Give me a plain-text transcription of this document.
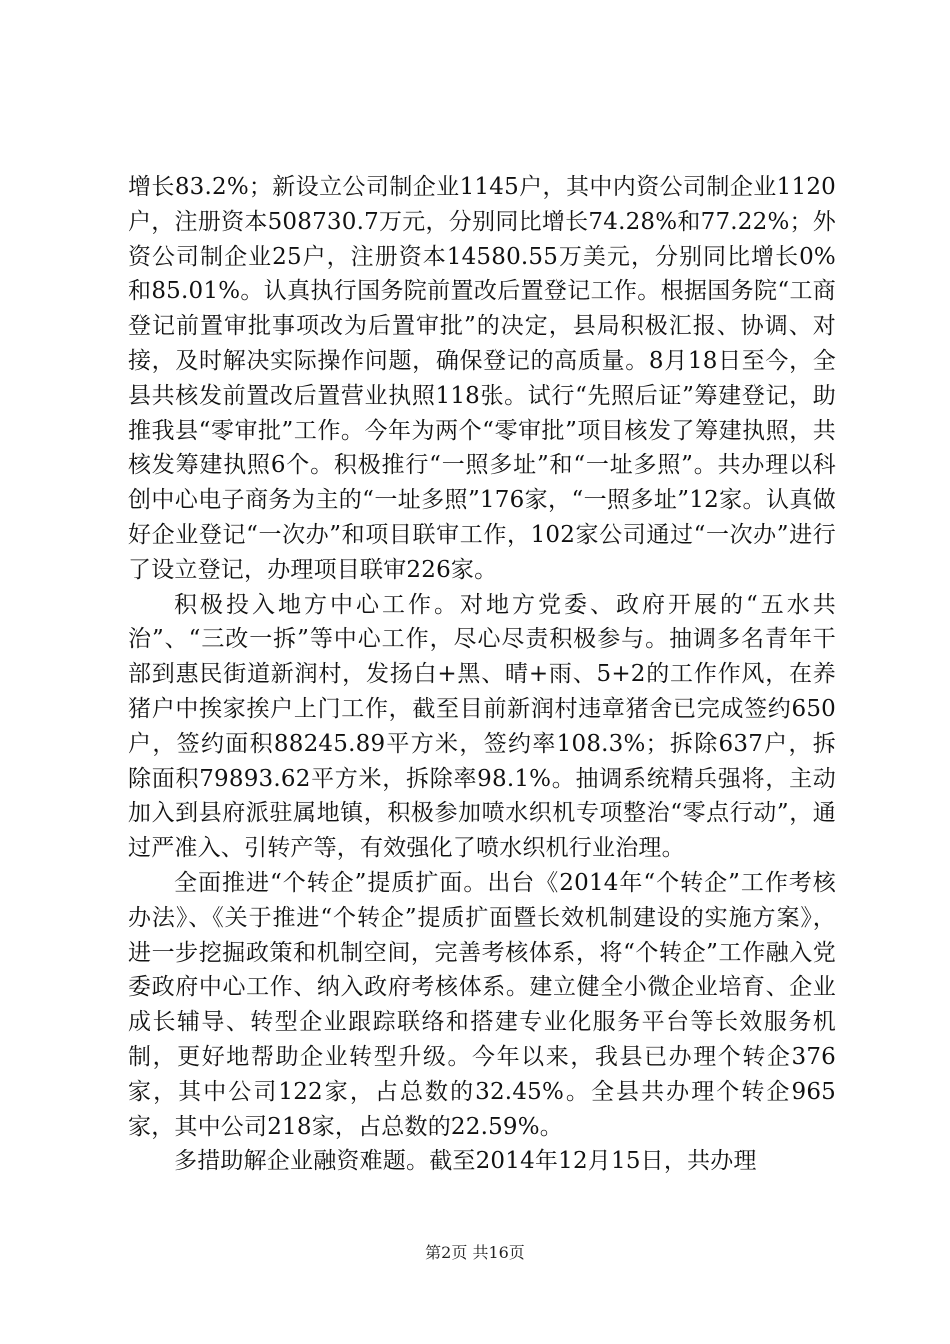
增长83.2%；新设立公司制企业1145户，其中内资公司制企业1120户，注册资本508730.7万元，分别同比增长74.28%和77.22%；外资公司制企业25户，注册资本14580.55万美元，分别同比增长0%和85.01%。认真执行国务院前置改后置登记工作。根据国务院“工商登记前置审批事项改为后置审批”的决定，县局积极汇报、协调、对接，及时解决实际操作问题，确保登记的高质量。8月18日至今，全县共核发前置改后置营业执照118张。试行“先照后证”筹建登记，助推我县“零审批”工作。今年为两个“零审批”项目核发了筹建执照，共核发筹建执照6个。积极推行“一照多址”和“一址多照”。共办理以科创中心电子商务为主的“一址多照”176家，“一照多址”12家。认真做好企业登记“一次办”和项目联审工作，102家公司通过“一次办”进行了设立登记，办理项目联审226家。

积极投入地方中心工作。对地方党委、政府开展的“五水共治”、“三改一拆”等中心工作，尽心尽责积极参与。抽调多名青年干部到惠民街道新润村，发扬白+黑、晴+雨、5+2的工作作风，在养猪户中挨家挨户上门工作，截至目前新润村违章猪舍已完成签约650户，签约面积88245.89平方米，签约率108.3%；拆除637户，拆除面积79893.62平方米，拆除率98.1%。抽调系统精兵强将，主动加入到县府派驻属地镇，积极参加喷水织机专项整治“零点行动”，通过严准入、引转产等，有效强化了喷水织机行业治理。

全面推进“个转企”提质扩面。出台《2014年“个转企”工作考核办法》、《关于推进“个转企”提质扩面暨长效机制建设的实施方案》，进一步挖掘政策和机制空间，完善考核体系，将“个转企”工作融入党委政府中心工作、纳入政府考核体系。建立健全小微企业培育、企业成长辅导、转型企业跟踪联络和搭建专业化服务平台等长效服务机制，更好地帮助企业转型升级。今年以来，我县已办理个转企376家，其中公司122家，占总数的32.45%。全县共办理个转企965家，其中公司218家，占总数的22.59%。

多措助解企业融资难题。截至2014年12月15日，共办理

第2页 共16页
